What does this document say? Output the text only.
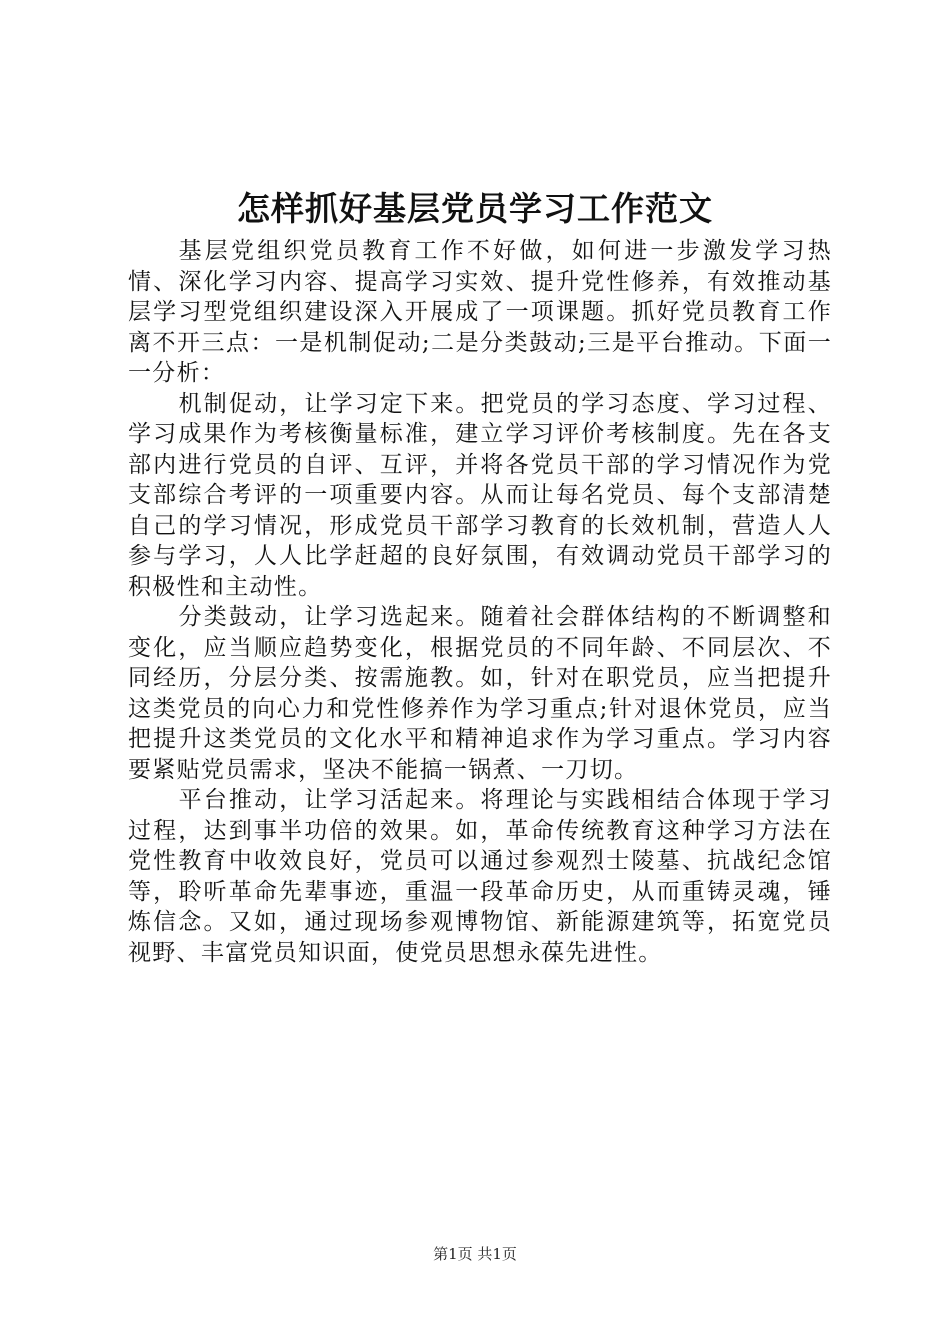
怎样抓好基层党员学习工作范文

基层党组织党员教育工作不好做，如何进一步激发学习热情、深化学习内容、提高学习实效、提升党性修养，有效推动基层学习型党组织建设深入开展成了一项课题。抓好党员教育工作离不开三点：一是机制促动;二是分类鼓动;三是平台推动。下面一一分析：

机制促动，让学习定下来。把党员的学习态度、学习过程、学习成果作为考核衡量标准，建立学习评价考核制度。先在各支部内进行党员的自评、互评，并将各党员干部的学习情况作为党支部综合考评的一项重要内容。从而让每名党员、每个支部清楚自己的学习情况，形成党员干部学习教育的长效机制，营造人人参与学习，人人比学赶超的良好氛围，有效调动党员干部学习的积极性和主动性。

分类鼓动，让学习选起来。随着社会群体结构的不断调整和变化，应当顺应趋势变化，根据党员的不同年龄、不同层次、不同经历，分层分类、按需施教。如，针对在职党员，应当把提升这类党员的向心力和党性修养作为学习重点;针对退休党员，应当把提升这类党员的文化水平和精神追求作为学习重点。学习内容要紧贴党员需求，坚决不能搞一锅煮、一刀切。

平台推动，让学习活起来。将理论与实践相结合体现于学习过程，达到事半功倍的效果。如，革命传统教育这种学习方法在党性教育中收效良好，党员可以通过参观烈士陵墓、抗战纪念馆等，聆听革命先辈事迹，重温一段革命历史，从而重铸灵魂，锤炼信念。又如，通过现场参观博物馆、新能源建筑等，拓宽党员视野、丰富党员知识面，使党员思想永葆先进性。

第1页 共1页
